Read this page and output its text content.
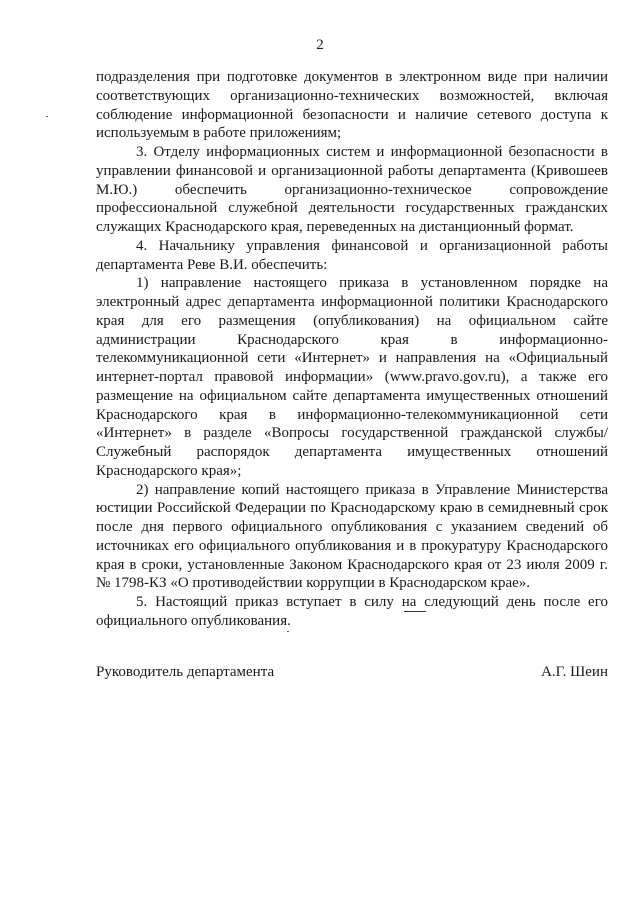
2

подразделения при подготовке документов в электронном виде при наличии соответствующих организационно-технических возможностей, включая соблюдение информационной безопасности и наличие сетевого доступа к используемым в работе приложениям;

3. Отделу информационных систем и информационной безопасности в управлении финансовой и организационной работы департамента (Кривошеев М.Ю.) обеспечить организационно-техническое сопровождение профессиональной служебной деятельности государственных гражданских служащих Краснодарского края, переведенных на дистанционный формат.

4. Начальнику управления финансовой и организационной работы департамента Реве В.И. обеспечить:

1) направление настоящего приказа в установленном порядке на электронный адрес департамента информационной политики Краснодарского края для его размещения (опубликования) на официальном сайте администрации Краснодарского края в информационно-телекоммуникационной сети «Интернет» и направления на «Официальный интернет-портал правовой информации» (www.pravo.gov.ru), а также его размещение на официальном сайте департамента имущественных отношений Краснодарского края в информационно-телекоммуникационной сети «Интернет» в разделе «Вопросы государственной гражданской службы/Служебный распорядок департамента имущественных отношений Краснодарского края»;

2) направление копий настоящего приказа в Управление Министерства юстиции Российской Федерации по Краснодарскому краю в семидневный срок после дня первого официального опубликования с указанием сведений об источниках его официального опубликования и в прокуратуру Краснодарского края в сроки, установленные Законом Краснодарского края от 23 июля 2009 г. № 1798-КЗ «О противодействии коррупции в Краснодарском крае».

5. Настоящий приказ вступает в силу на следующий день после его официального опубликования.

Руководитель департамента	А.Г. Шеин
